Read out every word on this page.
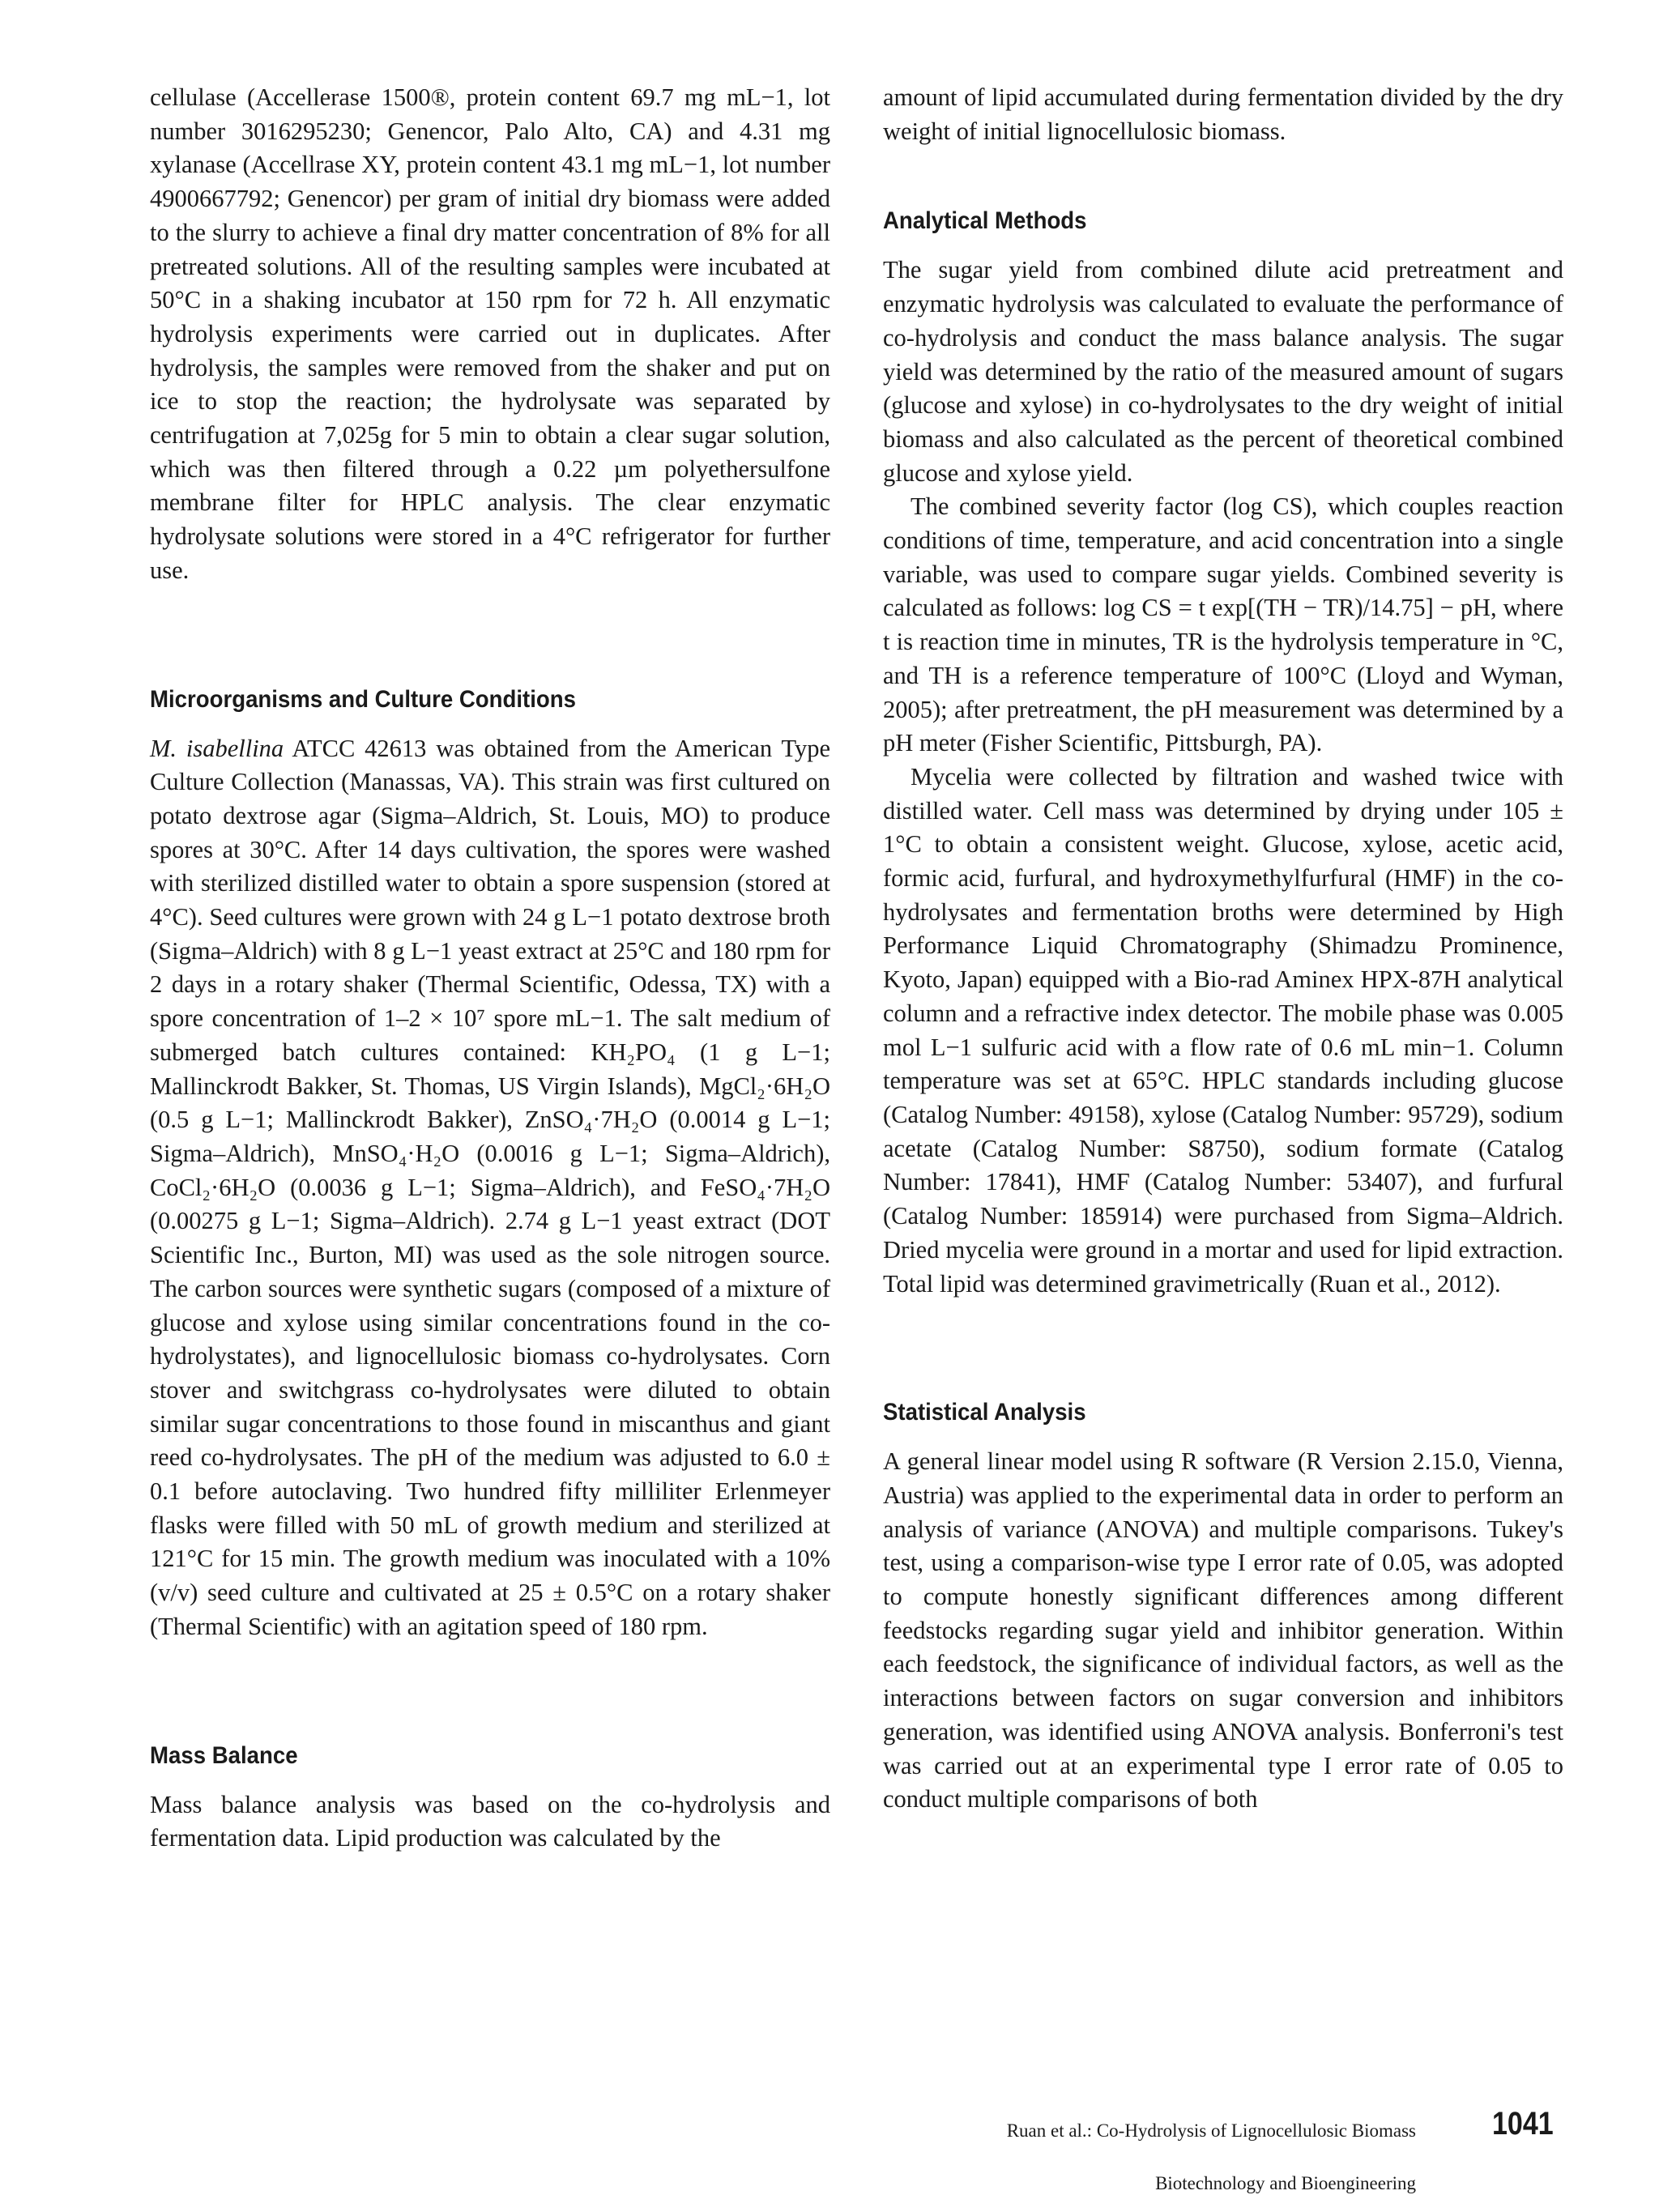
cellulase (Accellerase 1500®, protein content 69.7 mg mL−1, lot number 3016295230; Genencor, Palo Alto, CA) and 4.31 mg xylanase (Accellrase XY, protein content 43.1 mg mL−1, lot number 4900667792; Genencor) per gram of initial dry biomass were added to the slurry to achieve a final dry matter concentration of 8% for all pretreated solutions. All of the resulting samples were incubated at 50°C in a shaking incubator at 150 rpm for 72 h. All enzymatic hydrolysis experiments were carried out in duplicates. After hydrolysis, the samples were removed from the shaker and put on ice to stop the reaction; the hydrolysate was separated by centrifugation at 7,025g for 5 min to obtain a clear sugar solution, which was then filtered through a 0.22 µm polyethersulfone membrane filter for HPLC analysis. The clear enzymatic hydrolysate solutions were stored in a 4°C refrigerator for further use.

Microorganisms and Culture Conditions

M. isabellina ATCC 42613 was obtained from the American Type Culture Collection (Manassas, VA). This strain was first cultured on potato dextrose agar (Sigma–Aldrich, St. Louis, MO) to produce spores at 30°C. After 14 days cultivation, the spores were washed with sterilized distilled water to obtain a spore suspension (stored at 4°C). Seed cultures were grown with 24 g L−1 potato dextrose broth (Sigma–Aldrich) with 8 g L−1 yeast extract at 25°C and 180 rpm for 2 days in a rotary shaker (Thermal Scientific, Odessa, TX) with a spore concentration of 1–2 × 10⁷ spore mL−1. The salt medium of submerged batch cultures contained: KH₂PO₄ (1 g L−1; Mallinckrodt Bakker, St. Thomas, US Virgin Islands), MgCl₂·6H₂O (0.5 g L−1; Mallinckrodt Bakker), ZnSO₄·7H₂O (0.0014 g L−1; Sigma–Aldrich), MnSO₄·H₂O (0.0016 g L−1; Sigma–Aldrich), CoCl₂·6H₂O (0.0036 g L−1; Sigma–Aldrich), and FeSO₄·7H₂O (0.00275 g L−1; Sigma–Aldrich). 2.74 g L−1 yeast extract (DOT Scientific Inc., Burton, MI) was used as the sole nitrogen source. The carbon sources were synthetic sugars (composed of a mixture of glucose and xylose using similar concentrations found in the co-hydrolystates), and lignocellulosic biomass co-hydrolysates. Corn stover and switchgrass co-hydrolysates were diluted to obtain similar sugar concentrations to those found in miscanthus and giant reed co-hydrolysates. The pH of the medium was adjusted to 6.0 ± 0.1 before autoclaving. Two hundred fifty milliliter Erlenmeyer flasks were filled with 50 mL of growth medium and sterilized at 121°C for 15 min. The growth medium was inoculated with a 10% (v/v) seed culture and cultivated at 25 ± 0.5°C on a rotary shaker (Thermal Scientific) with an agitation speed of 180 rpm.

Mass Balance

Mass balance analysis was based on the co-hydrolysis and fermentation data. Lipid production was calculated by the

amount of lipid accumulated during fermentation divided by the dry weight of initial lignocellulosic biomass.

Analytical Methods

The sugar yield from combined dilute acid pretreatment and enzymatic hydrolysis was calculated to evaluate the performance of co-hydrolysis and conduct the mass balance analysis. The sugar yield was determined by the ratio of the measured amount of sugars (glucose and xylose) in co-hydrolysates to the dry weight of initial biomass and also calculated as the percent of theoretical combined glucose and xylose yield.

The combined severity factor (log CS), which couples reaction conditions of time, temperature, and acid concentration into a single variable, was used to compare sugar yields. Combined severity is calculated as follows: log CS = t exp[(TH − TR)/14.75] − pH, where t is reaction time in minutes, TR is the hydrolysis temperature in °C, and TH is a reference temperature of 100°C (Lloyd and Wyman, 2005); after pretreatment, the pH measurement was determined by a pH meter (Fisher Scientific, Pittsburgh, PA).

Mycelia were collected by filtration and washed twice with distilled water. Cell mass was determined by drying under 105 ± 1°C to obtain a consistent weight. Glucose, xylose, acetic acid, formic acid, furfural, and hydroxymethylfurfural (HMF) in the co-hydrolysates and fermentation broths were determined by High Performance Liquid Chromatography (Shimadzu Prominence, Kyoto, Japan) equipped with a Bio-rad Aminex HPX-87H analytical column and a refractive index detector. The mobile phase was 0.005 mol L−1 sulfuric acid with a flow rate of 0.6 mL min−1. Column temperature was set at 65°C. HPLC standards including glucose (Catalog Number: 49158), xylose (Catalog Number: 95729), sodium acetate (Catalog Number: S8750), sodium formate (Catalog Number: 17841), HMF (Catalog Number: 53407), and furfural (Catalog Number: 185914) were purchased from Sigma–Aldrich. Dried mycelia were ground in a mortar and used for lipid extraction. Total lipid was determined gravimetrically (Ruan et al., 2012).

Statistical Analysis

A general linear model using R software (R Version 2.15.0, Vienna, Austria) was applied to the experimental data in order to perform an analysis of variance (ANOVA) and multiple comparisons. Tukey's test, using a comparison-wise type I error rate of 0.05, was adopted to compute honestly significant differences among different feedstocks regarding sugar yield and inhibitor generation. Within each feedstock, the significance of individual factors, as well as the interactions between factors on sugar conversion and inhibitors generation, was identified using ANOVA analysis. Bonferroni's test was carried out at an experimental type I error rate of 0.05 to conduct multiple comparisons of both

Ruan et al.: Co-Hydrolysis of Lignocellulosic Biomass 1041
Biotechnology and Bioengineering
